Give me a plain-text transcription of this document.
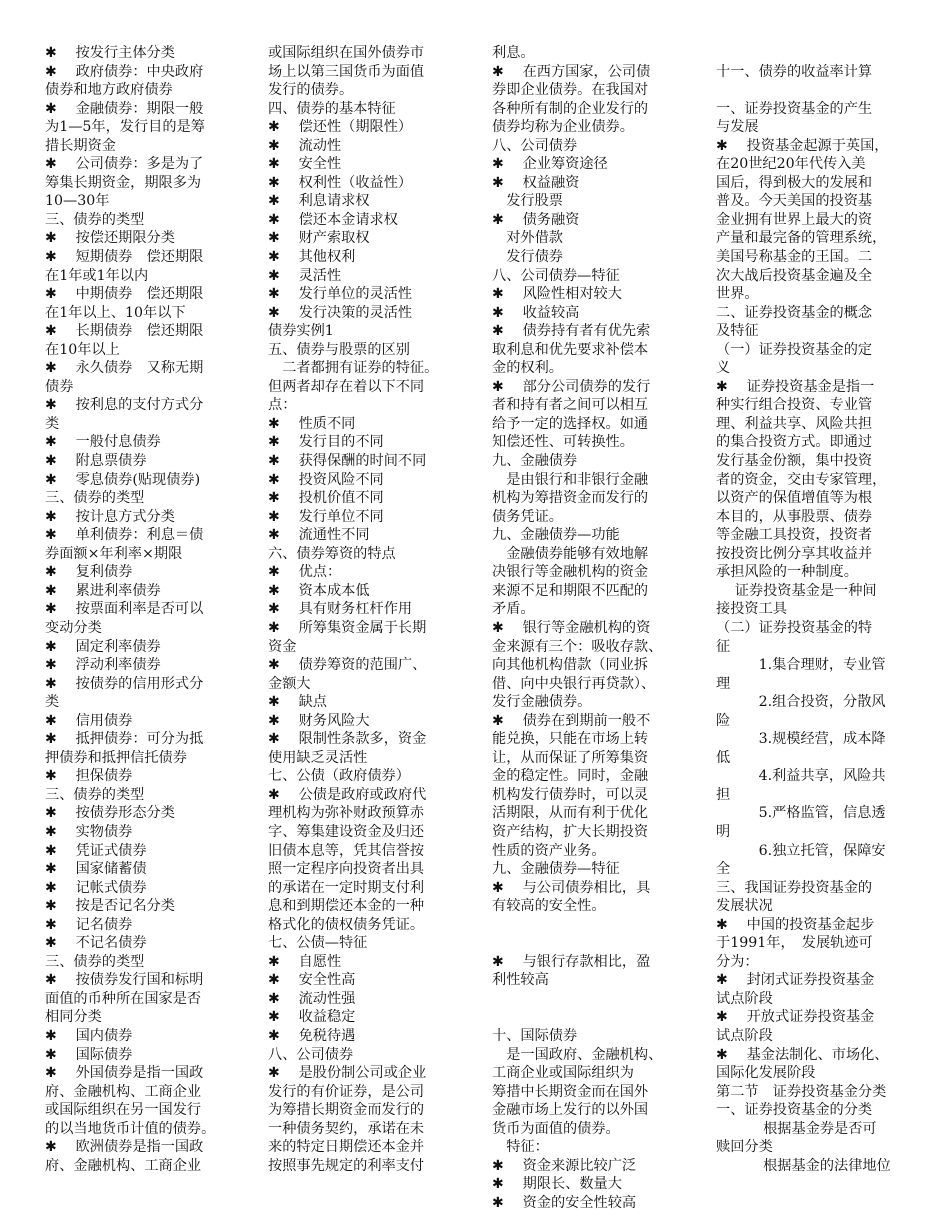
✱　 按发行主体分类
✱　 政府债券：中央政府
债券和地方政府债券
✱　 金融债券：期限一般
为1—5年，发行目的是筹
措长期资金
✱　 公司债券：多是为了
筹集长期资金，期限多为
10—30年
三、债券的类型
✱　 按偿还期限分类
✱　 短期债券　偿还期限
在1年或1年以内
✱　 中期债券　偿还期限
在1年以上、10年以下
✱　 长期债券　偿还期限
在10年以上
✱　 永久债券　又称无期
债券
✱　 按利息的支付方式分
类
✱　 一般付息债券
✱　 附息票债券
✱　 零息债券(贴现债券)
三、债券的类型
✱　 按计息方式分类
✱　 单利债券：利息＝债
券面额×年利率×期限
✱　 复利债券
✱　 累进利率债券
✱　 按票面利率是否可以
变动分类
✱　 固定利率债券
✱　 浮动利率债券
✱　 按债券的信用形式分
类
✱　 信用债券
✱　 抵押债券：可分为抵
押债券和抵押信托债券
✱　 担保债券
三、债券的类型
✱　 按债券形态分类
✱　 实物债券
✱　 凭证式债券
✱　 国家储蓄债
✱　 记帐式债券
✱　 按是否记名分类
✱　 记名债券
✱　 不记名债券
三、债券的类型
✱　 按债券发行国和标明
面值的币种所在国家是否
相同分类
✱　 国内债券
✱　 国际债券
✱　 外国债券是指一国政
府、金融机构、工商企业
或国际组织在另一国发行
的以当地货币计值的债券。
✱　 欧洲债券是指一国政
府、金融机构、工商企业
或国际组织在国外债券市
场上以第三国货币为面值
发行的债券。
四、债券的基本特征
✱　 偿还性（期限性）
✱　 流动性
✱　 安全性
✱　 权利性（收益性）
✱　 利息请求权
✱　 偿还本金请求权
✱　 财产索取权
✱　 其他权利
✱　 灵活性
✱　 发行单位的灵活性
✱　 发行决策的灵活性
债券实例1
五、债券与股票的区别
　二者都拥有证券的特征。
但两者却存在着以下不同
点：
✱　 性质不同
✱　 发行目的不同
✱　 获得保酬的时间不同
✱　 投资风险不同
✱　 投机价值不同
✱　 发行单位不同
✱　 流通性不同
六、债券筹资的特点
✱　 优点：
✱　 资本成本低
✱　 具有财务杠杆作用
✱　 所筹集资金属于长期
资金
✱　 债券筹资的范围广、
金额大
✱　 缺点
✱　 财务风险大
✱　 限制性条款多，资金
使用缺乏灵活性
七、公债（政府债券）
✱　 公债是政府或政府代
理机构为弥补财政预算赤
字、筹集建设资金及归还
旧债本息等，凭其信誉按
照一定程序向投资者出具
的承诺在一定时期支付利
息和到期偿还本金的一种
格式化的债权债务凭证。
七、公债—特征
✱　 自愿性
✱　 安全性高
✱　 流动性强
✱　 收益稳定
✱　 免税待遇
八、公司债券
✱　 是股份制公司或企业
发行的有价证券，是公司
为筹措长期资金而发行的
一种债务契约，承诺在未
来的特定日期偿还本金并
按照事先规定的利率支付
利息。
✱　 在西方国家，公司债
券即企业债券。在我国对
各种所有制的企业发行的
债券均称为企业债券。
八、公司债券
✱　 企业筹资途径
✱　 权益融资
　发行股票
✱　 债务融资
　对外借款
　发行债券
八、公司债券—特征
✱　 风险性相对较大
✱　 收益较高
✱　 债券持有者有优先索
取利息和优先要求补偿本
金的权利。
✱　 部分公司债券的发行
者和持有者之间可以相互
给予一定的选择权。如通
知偿还性、可转换性。
九、金融债券
　是由银行和非银行金融
机构为筹措资金而发行的
债务凭证。
九、金融债券—功能
　金融债券能够有效地解
决银行等金融机构的资金
来源不足和期限不匹配的
矛盾。
✱　 银行等金融机构的资
金来源有三个：吸收存款、
向其他机构借款（同业拆
借、向中央银行再贷款）、
发行金融债券。
✱　 债券在到期前一般不
能兑换，只能在市场上转
让，从而保证了所筹集资
金的稳定性。同时，金融
机构发行债券时，可以灵
活期限，从而有利于优化
资产结构，扩大长期投资
性质的资产业务。
九、金融债券—特征
✱　 与公司债券相比，具
有较高的安全性。
✱　 与银行存款相比，盈
利性较高
十、国际债券
　是一国政府、金融机构、
工商企业或国际组织为
筹措中长期资金而在国外
金融市场上发行的以外国
货币为面值的债券。
　特征：
✱　 资金来源比较广泛
✱　 期限长、数量大
✱　 资金的安全性较高
十一、债券的收益率计算
一、证券投资基金的产生
与发展
✱　 投资基金起源于英国，
在20世纪20年代传入美
国后，得到极大的发展和
普及。今天美国的投资基
金业拥有世界上最大的资
产量和最完备的管理系统，
美国号称基金的王国。二
次大战后投资基金遍及全
世界。
二、证券投资基金的概念
及特征
（一）证券投资基金的定
义
✱　 证券投资基金是指一
种实行组合投资、专业管
理、利益共享、风险共担
的集合投资方式。即通过
发行基金份额，集中投资
者的资金，交由专家管理，
以资产的保值增值等为根
本目的，从事股票、债券
等金融工具投资，投资者
按投资比例分享其收益并
承担风险的一种制度。
　 证券投资基金是一种间
接投资工具
（二）证券投资基金的特
征
　　　1.集合理财，专业管
理
　　　2.组合投资，分散风
险
　　　3.规模经营，成本降
低
　　　4.利益共享，风险共
担
　　　5.严格监管，信息透
明
　　　6.独立托管，保障安
全
三、我国证券投资基金的
发展状况
✱　 中国的投资基金起步
于1991年，　发展轨迹可
分为：
✱　 封闭式证券投资基金
试点阶段
✱　 开放式证券投资基金
试点阶段
✱　 基金法制化、市场化、
国际化发展阶段
第二节　证券投资基金分类
一、证券投资基金的分类
　　　 根据基金券是否可
赎回分类
　　　 根据基金的法律地位
